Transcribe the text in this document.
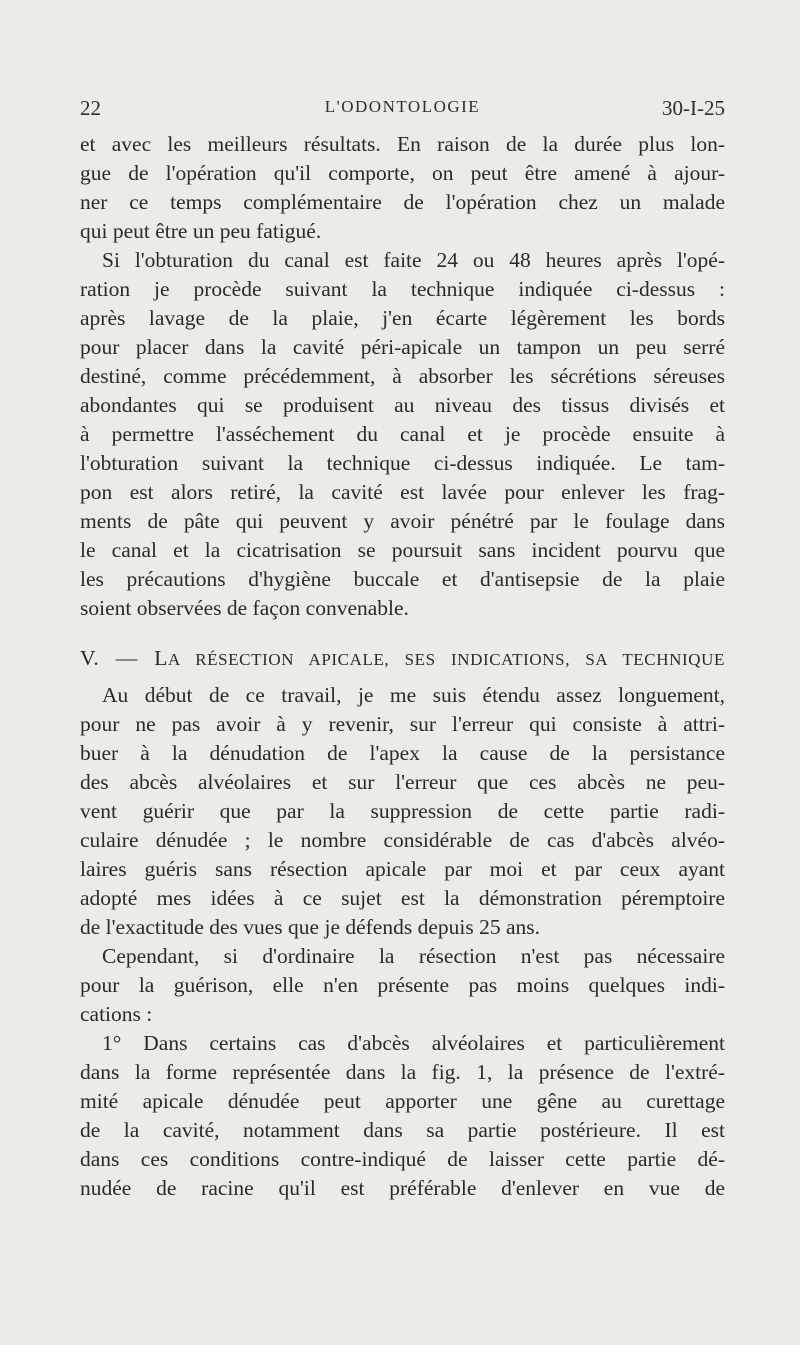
22	L'ODONTOLOGIE	30-I-25
et avec les meilleurs résultats. En raison de la durée plus lon-
gue de l'opération qu'il comporte, on peut être amené à ajour-
ner ce temps complémentaire de l'opération chez un malade
qui peut être un peu fatigué.
Si l'obturation du canal est faite 24 ou 48 heures après l'opé-
ration je procède suivant la technique indiquée ci-dessus :
après lavage de la plaie, j'en écarte légèrement les bords
pour placer dans la cavité péri-apicale un tampon un peu serré
destiné, comme précédemment, à absorber les sécrétions séreuses
abondantes qui se produisent au niveau des tissus divisés et
à permettre l'asséchement du canal et je procède ensuite à
l'obturation suivant la technique ci-dessus indiquée. Le tam-
pon est alors retiré, la cavité est lavée pour enlever les frag-
ments de pâte qui peuvent y avoir pénétré par le foulage dans
le canal et la cicatrisation se poursuit sans incident pourvu que
les précautions d'hygiène buccale et d'antisepsie de la plaie
soient observées de façon convenable.
V. — LA RÉSECTION APICALE, SES INDICATIONS, SA TECHNIQUE
Au début de ce travail, je me suis étendu assez longuement,
pour ne pas avoir à y revenir, sur l'erreur qui consiste à attri-
buer à la dénudation de l'apex la cause de la persistance
des abcès alvéolaires et sur l'erreur que ces abcès ne peu-
vent guérir que par la suppression de cette partie radi-
culaire dénudée ; le nombre considérable de cas d'abcès alvéo-
laires guéris sans résection apicale par moi et par ceux ayant
adopté mes idées à ce sujet est la démonstration péremptoire
de l'exactitude des vues que je défends depuis 25 ans.
Cependant, si d'ordinaire la résection n'est pas nécessaire
pour la guérison, elle n'en présente pas moins quelques indi-
cations :
1° Dans certains cas d'abcès alvéolaires et particulièrement
dans la forme représentée dans la fig. 1, la présence de l'extré-
mité apicale dénudée peut apporter une gêne au curettage
de la cavité, notamment dans sa partie postérieure. Il est
dans ces conditions contre-indiqué de laisser cette partie dé-
nudée de racine qu'il est préférable d'enlever en vue de
